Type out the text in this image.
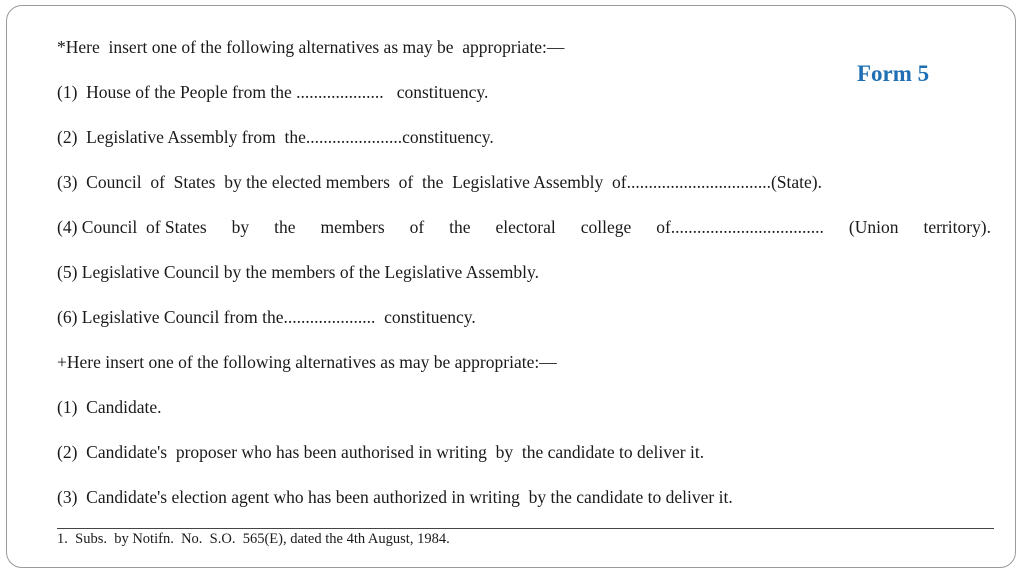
Form 5
*Here  insert one of the following alternatives as may be  appropriate:—
(1)  House of the People from the ....................   constituency.
(2)  Legislative Assembly from  the......................constituency.
(3)  Council  of  States  by the elected members  of  the  Legislative Assembly  of.................................(State).
(4) Council  of States by the members of the electoral college of................................... (Union territory).
(5) Legislative Council by the members of the Legislative Assembly.
(6) Legislative Council from the.....................  constituency.
+Here insert one of the following alternatives as may be appropriate:—
(1)  Candidate.
(2)  Candidate's  proposer who has been authorised in writing  by  the candidate to deliver it.
(3)  Candidate's election agent who has been authorized in writing  by the candidate to deliver it.
1.  Subs.  by Notifn.  No.  S.O.  565(E), dated the 4th August, 1984.
